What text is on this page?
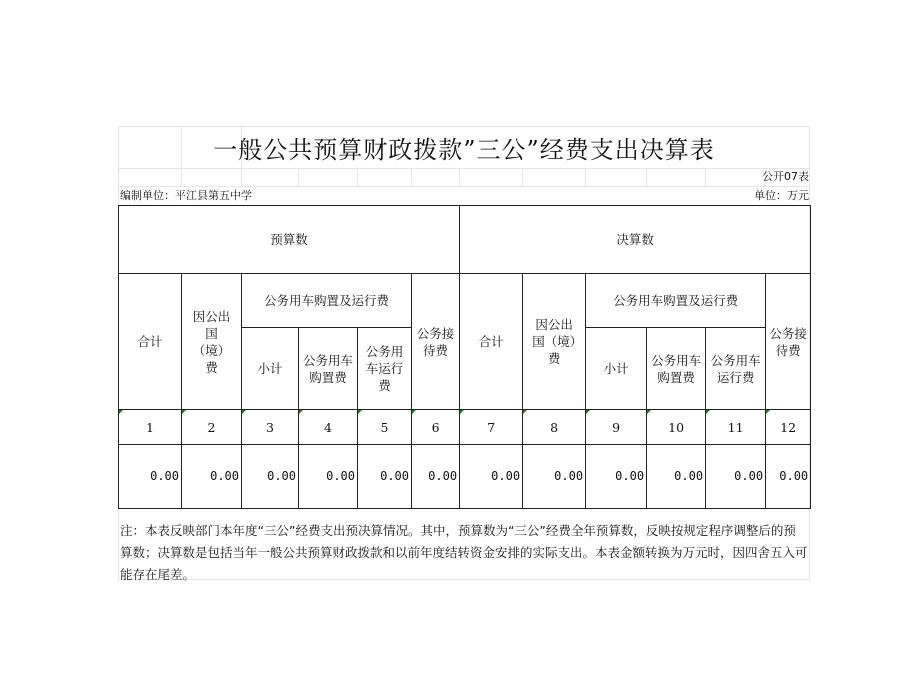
一般公共预算财政拨款”三公”经费支出决算表
公开07表
编制单位：平江县第五中学	单位：万元
预算数						决算数					
合计	因公出国（境）费	公务用车购置及运行费			公务接待费	合计	因公出国（境）费	公务用车购置及运行费			公务接待费
		小计	公务用车购置费	公务用车运行费				小计	公务用车购置费	公务用车运行费	

1	2	3	4	5	6	7	8	9	10	11	12
0.00	0.00	0.00	0.00	0.00	0.00	0.00	0.00	0.00	0.00	0.00	0.00
注：本表反映部门本年度“三公”经费支出预决算情况。其中，预算数为“三公”经费全年预算数，反映按规定程序调整后的预算数；决算数是包括当年一般公共预算财政拨款和以前年度结转资金安排的实际支出。本表金额转换为万元时，因四舍五入可能存在尾差。
